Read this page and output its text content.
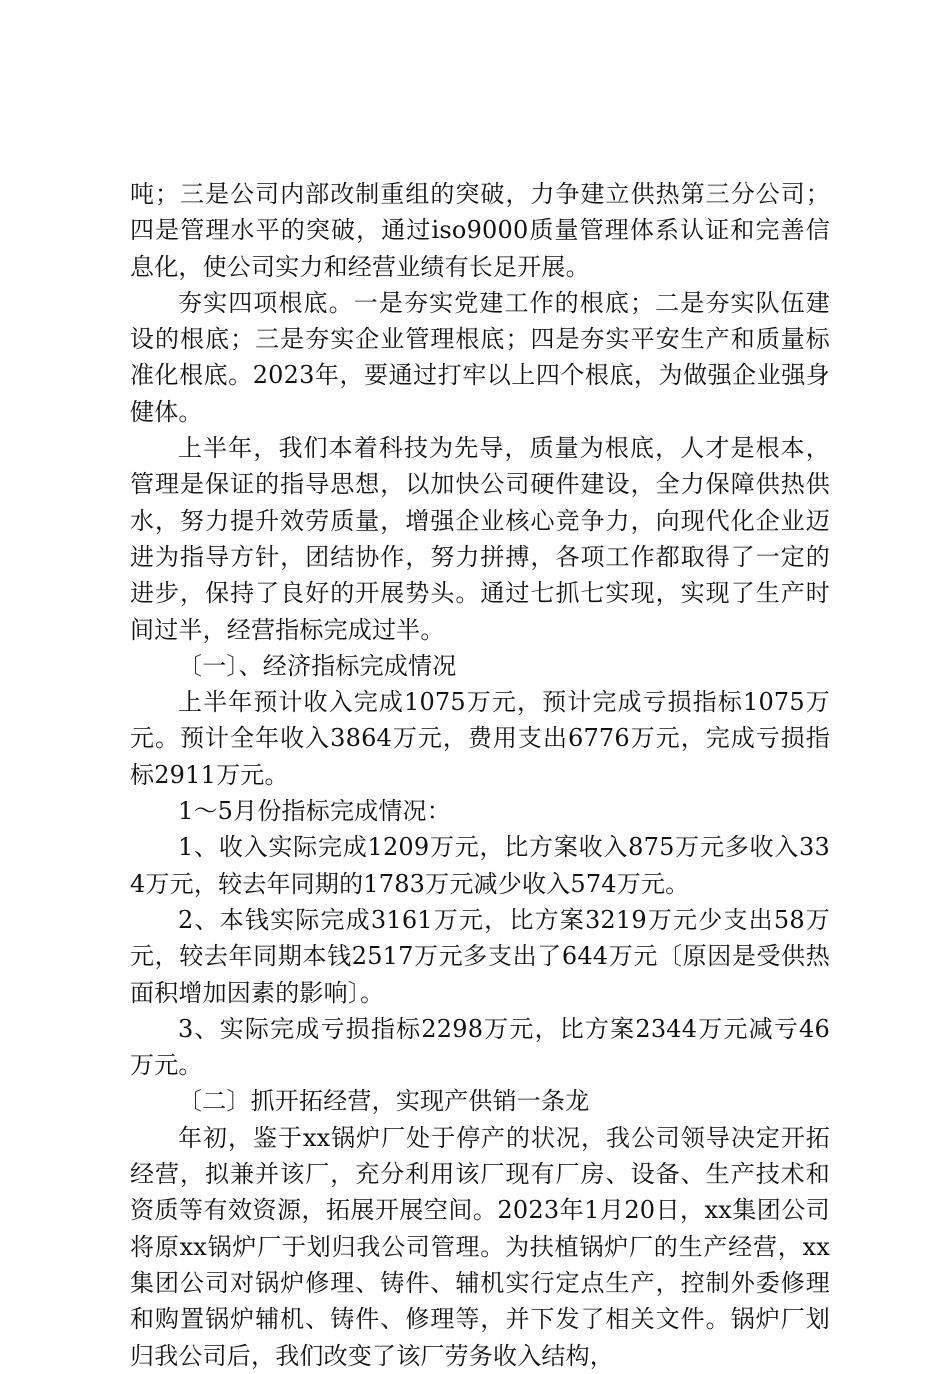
吨；三是公司内部改制重组的突破，力争建立供热第三分公司；四是管理水平的突破，通过iso9000质量管理体系认证和完善信息化，使公司实力和经营业绩有长足开展。

夯实四项根底。一是夯实党建工作的根底；二是夯实队伍建设的根底；三是夯实企业管理根底；四是夯实平安生产和质量标准化根底。2023年，要通过打牢以上四个根底，为做强企业强身健体。

上半年，我们本着科技为先导，质量为根底，人才是根本，管理是保证的指导思想，以加快公司硬件建设，全力保障供热供水，努力提升效劳质量，增强企业核心竞争力，向现代化企业迈进为指导方针，团结协作，努力拼搏，各项工作都取得了一定的进步，保持了良好的开展势头。通过七抓七实现，实现了生产时间过半，经营指标完成过半。

〔一〕、经济指标完成情况

上半年预计收入完成1075万元，预计完成亏损指标1075万元。预计全年收入3864万元，费用支出6776万元，完成亏损指标2911万元。

1～5月份指标完成情况：

1、收入实际完成1209万元，比方案收入875万元多收入334万元，较去年同期的1783万元减少收入574万元。

2、本钱实际完成3161万元，比方案3219万元少支出58万元，较去年同期本钱2517万元多支出了644万元〔原因是受供热面积增加因素的影响〕。

3、实际完成亏损指标2298万元，比方案2344万元减亏46万元。

〔二〕抓开拓经营，实现产供销一条龙

年初，鉴于xx锅炉厂处于停产的状况，我公司领导决定开拓经营，拟兼并该厂，充分利用该厂现有厂房、设备、生产技术和资质等有效资源，拓展开展空间。2023年1月20日，xx集团公司将原xx锅炉厂于划归我公司管理。为扶植锅炉厂的生产经营，xx集团公司对锅炉修理、铸件、辅机实行定点生产，控制外委修理和购置锅炉辅机、铸件、修理等，并下发了相关文件。锅炉厂划归我公司后，我们改变了该厂劳务收入结构，
